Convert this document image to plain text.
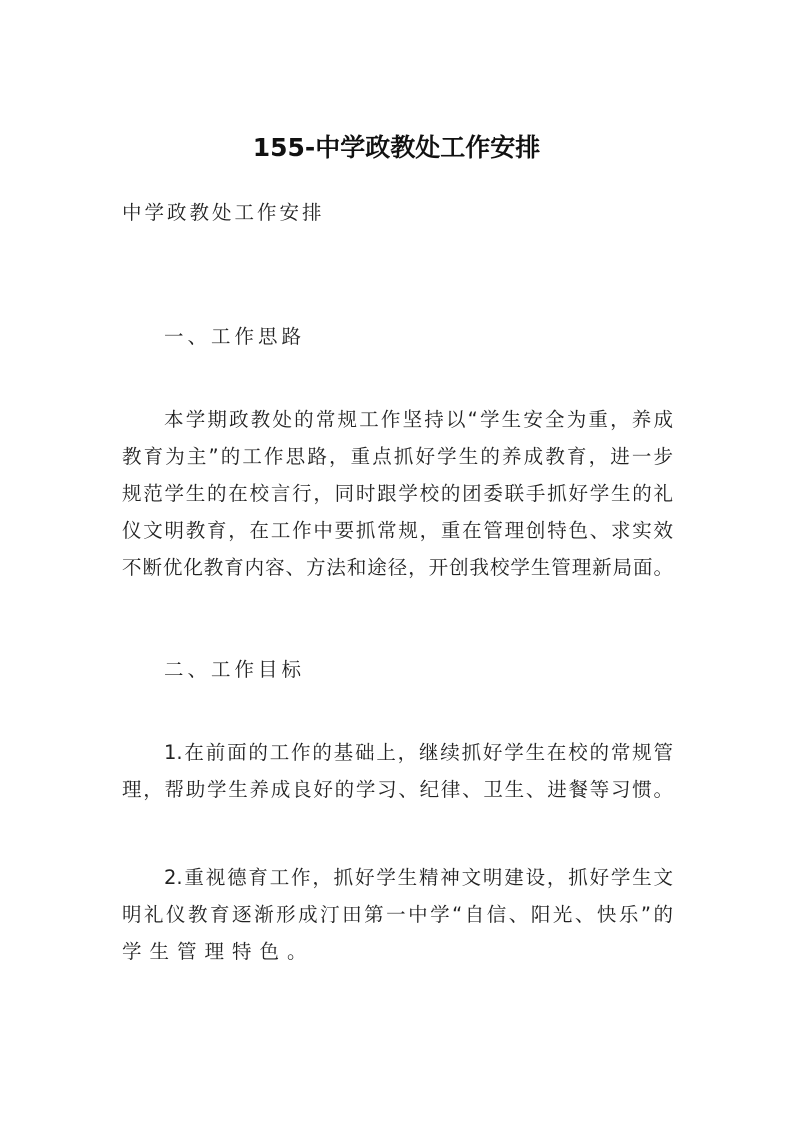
155-中学政教处工作安排
中学政教处工作安排
一、工作思路
本学期政教处的常规工作坚持以“学生安全为重，养成
教育为主”的工作思路，重点抓好学生的养成教育，进一步
规范学生的在校言行，同时跟学校的团委联手抓好学生的礼
仪文明教育，在工作中要抓常规，重在管理创特色、求实效
不断优化教育内容、方法和途径，开创我校学生管理新局面。
二、工作目标
1.在前面的工作的基础上，继续抓好学生在校的常规管
理，帮助学生养成良好的学习、纪律、卫生、进餐等习惯。
2.重视德育工作，抓好学生精神文明建设，抓好学生文
明礼仪教育逐渐形成汀田第一中学“自信、阳光、快乐”的
学生管理特色。
